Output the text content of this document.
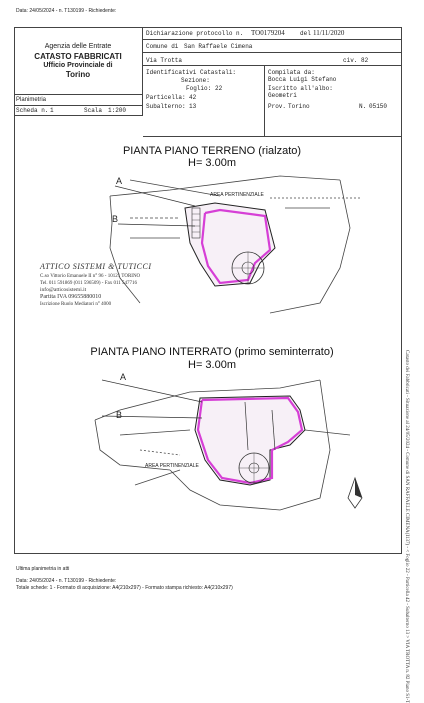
Data: 24/05/2024 - n. T130199 - Richiedente:
Agenzia delle Entrate
CATASTO FABBRICATI
Ufficio Provinciale di
Torino
Dichiarazione protocollo n. TO0179204	del 11/11/2020
Comune di San Raffaele Cimena
Via Trotta	civ. 82
Identificativi Catastali:
Sezione:
Foglio: 22
Particella: 42
Subalterno: 13
Compilata da:
Bocca Luigi Stefano
Iscritto all'albo:
Geometri
Prov. Torino	N. 05150
Planimetria
Scheda n. 1	Scala 1:200
PIANTA PIANO TERRENO (rialzato)
H= 3.00m
A
B
AREA PERTINENZIALE
ATTICO SISTEMI & TUTICCI
C.so Vittorio Emanuele II n° 96 - 10121 TORINO
Tel. 011 591869 (011 596509) - Fax 011 547716
info@atticosistemi.it
Partita IVA 09655880010
Iscrizione Ruolo Mediatori n° 4000
PIANTA PIANO INTERRATO (primo seminterrato)
H= 3.00m
A
B
AREA PERTINENZIALE
Ultima planimetria in atti
Data: 24/05/2024 - n. T130199 - Richiedente:
Totale schede: 1 - Formato di acquisizione: A4(210x297) - Formato stampa richiesto: A4(210x297)	Catasto dei Fabbricati - Situazione al 24/05/2024 - Comune di SAN RAFFAELE CIMENA(I137) - < Foglio 22 - Particella 42 - Subalterno 13 > VIA TROTTA n. 82 Piano S1-T
